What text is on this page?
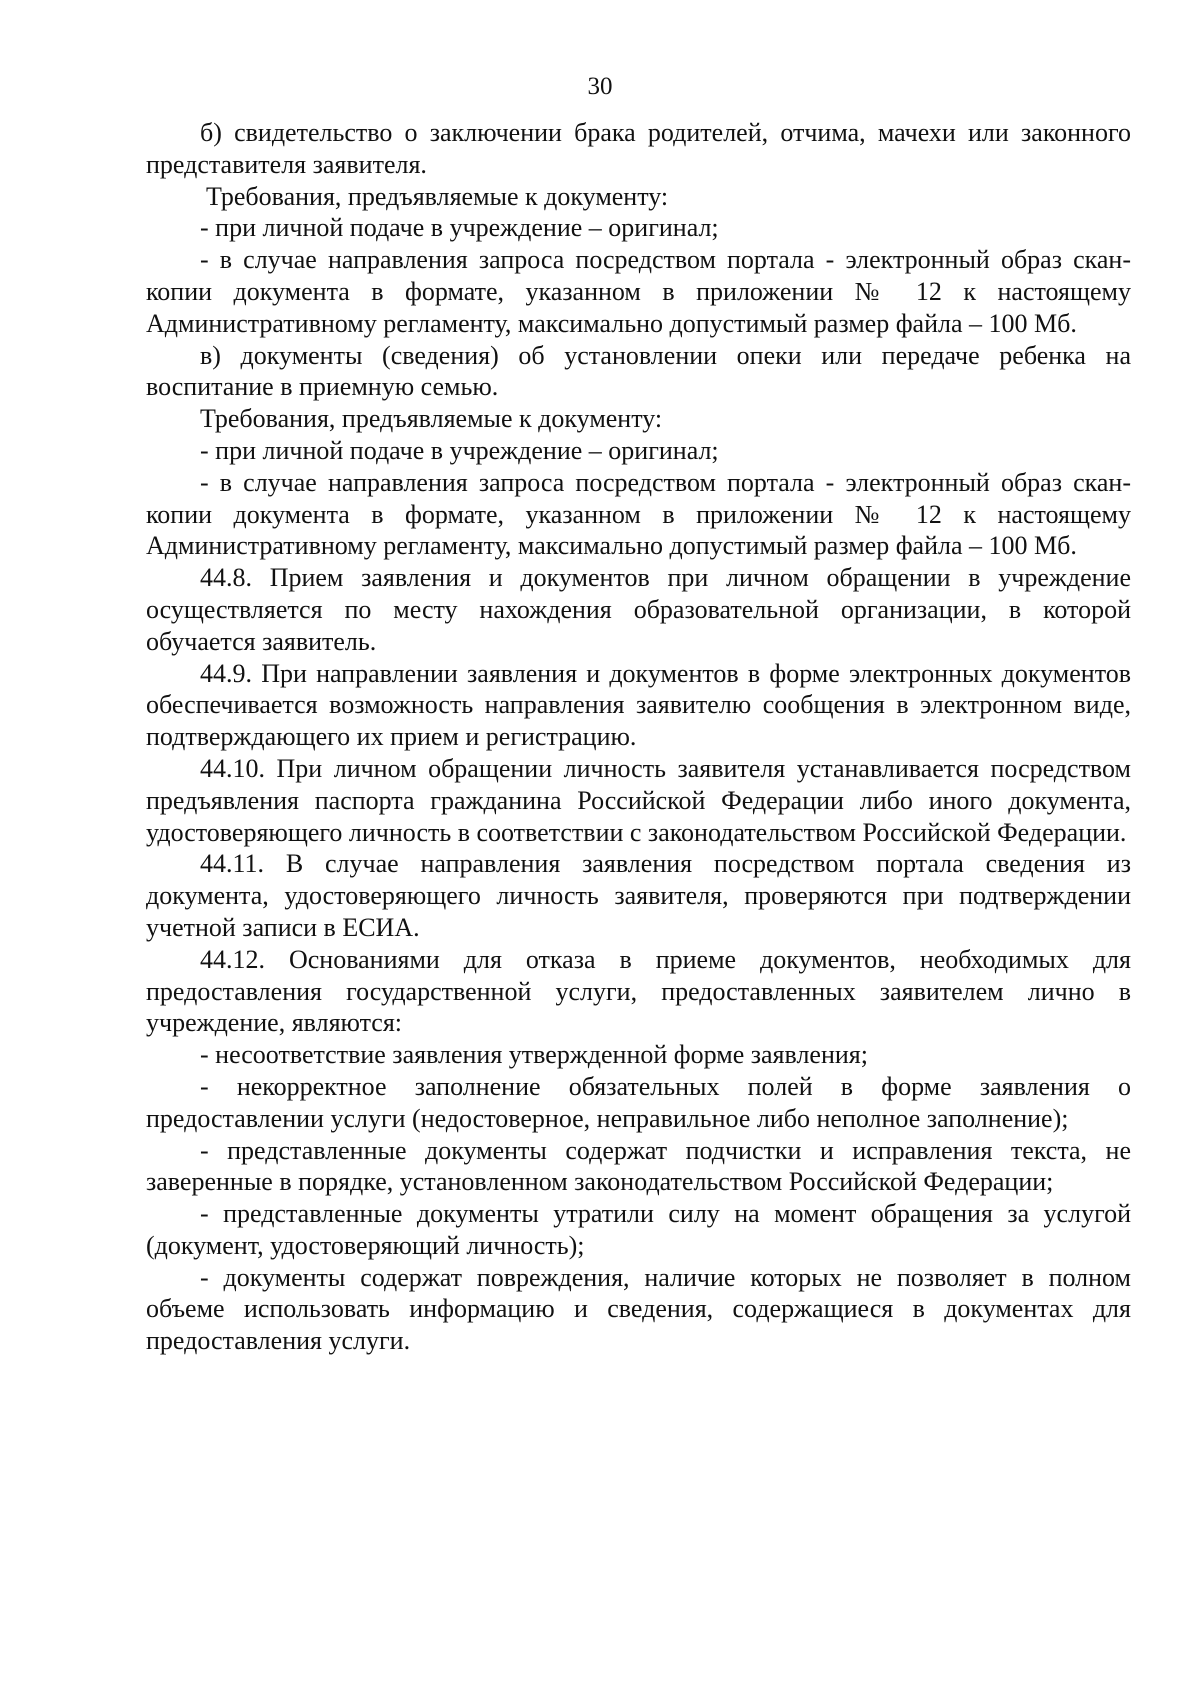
30

б) свидетельство о заключении брака родителей, отчима, мачехи или законного представителя заявителя.

Требования, предъявляемые к документу:

- при личной подаче в учреждение – оригинал;

- в случае направления запроса посредством портала - электронный образ скан-копии документа в формате, указанном в приложении № 12 к настоящему Административному регламенту, максимально допустимый размер файла – 100 Мб.

в) документы (сведения) об установлении опеки или передаче ребенка на воспитание в приемную семью.

Требования, предъявляемые к документу:

- при личной подаче в учреждение – оригинал;

- в случае направления запроса посредством портала - электронный образ скан-копии документа в формате, указанном в приложении № 12 к настоящему Административному регламенту, максимально допустимый размер файла – 100 Мб.

44.8. Прием заявления и документов при личном обращении в учреждение осуществляется по месту нахождения образовательной организации, в которой обучается заявитель.

44.9. При направлении заявления и документов в форме электронных документов обеспечивается возможность направления заявителю сообщения в электронном виде, подтверждающего их прием и регистрацию.

44.10. При личном обращении личность заявителя устанавливается посредством предъявления паспорта гражданина Российской Федерации либо иного документа, удостоверяющего личность в соответствии с законодательством Российской Федерации.

44.11. В случае направления заявления посредством портала сведения из документа, удостоверяющего личность заявителя, проверяются при подтверждении учетной записи в ЕСИА.

44.12. Основаниями для отказа в приеме документов, необходимых для предоставления государственной услуги, предоставленных заявителем лично в учреждение, являются:

- несоответствие заявления утвержденной форме заявления;

- некорректное заполнение обязательных полей в форме заявления о предоставлении услуги (недостоверное, неправильное либо неполное заполнение);

- представленные документы содержат подчистки и исправления текста, не заверенные в порядке, установленном законодательством Российской Федерации;

- представленные документы утратили силу на момент обращения за услугой (документ, удостоверяющий личность);

- документы содержат повреждения, наличие которых не позволяет в полном объеме использовать информацию и сведения, содержащиеся в документах для предоставления услуги.
